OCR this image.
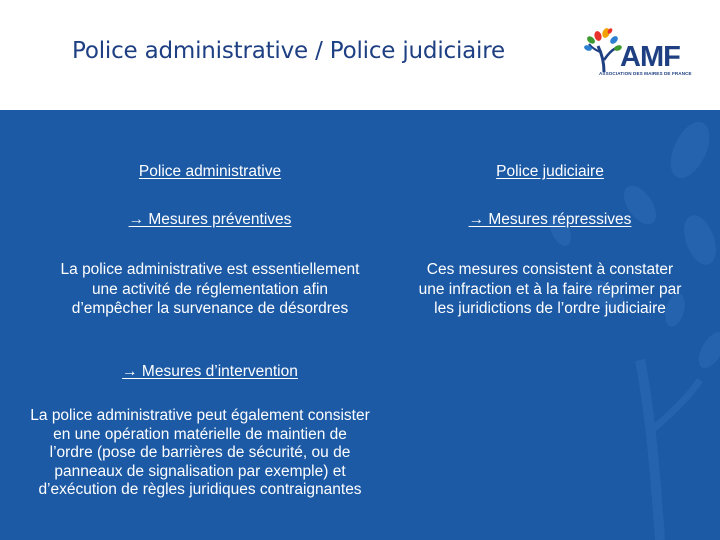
Police administrative / Police judiciaire	AMF
ASSOCIATION DES MAIRES DE FRANCE
Police administrative
→ Mesures préventives
La police administrative est essentiellement une activité de réglementation afin d’empêcher la survenance de désordres
→ Mesures d’intervention
La police administrative peut également consister en une opération matérielle de maintien de l’ordre (pose de barrières de sécurité, ou de panneaux de signalisation par exemple) et d’exécution de règles juridiques contraignantes
Police judiciaire
→ Mesures répressives
Ces mesures consistent à constater une infraction et à la faire réprimer par les juridictions de l’ordre judiciaire
